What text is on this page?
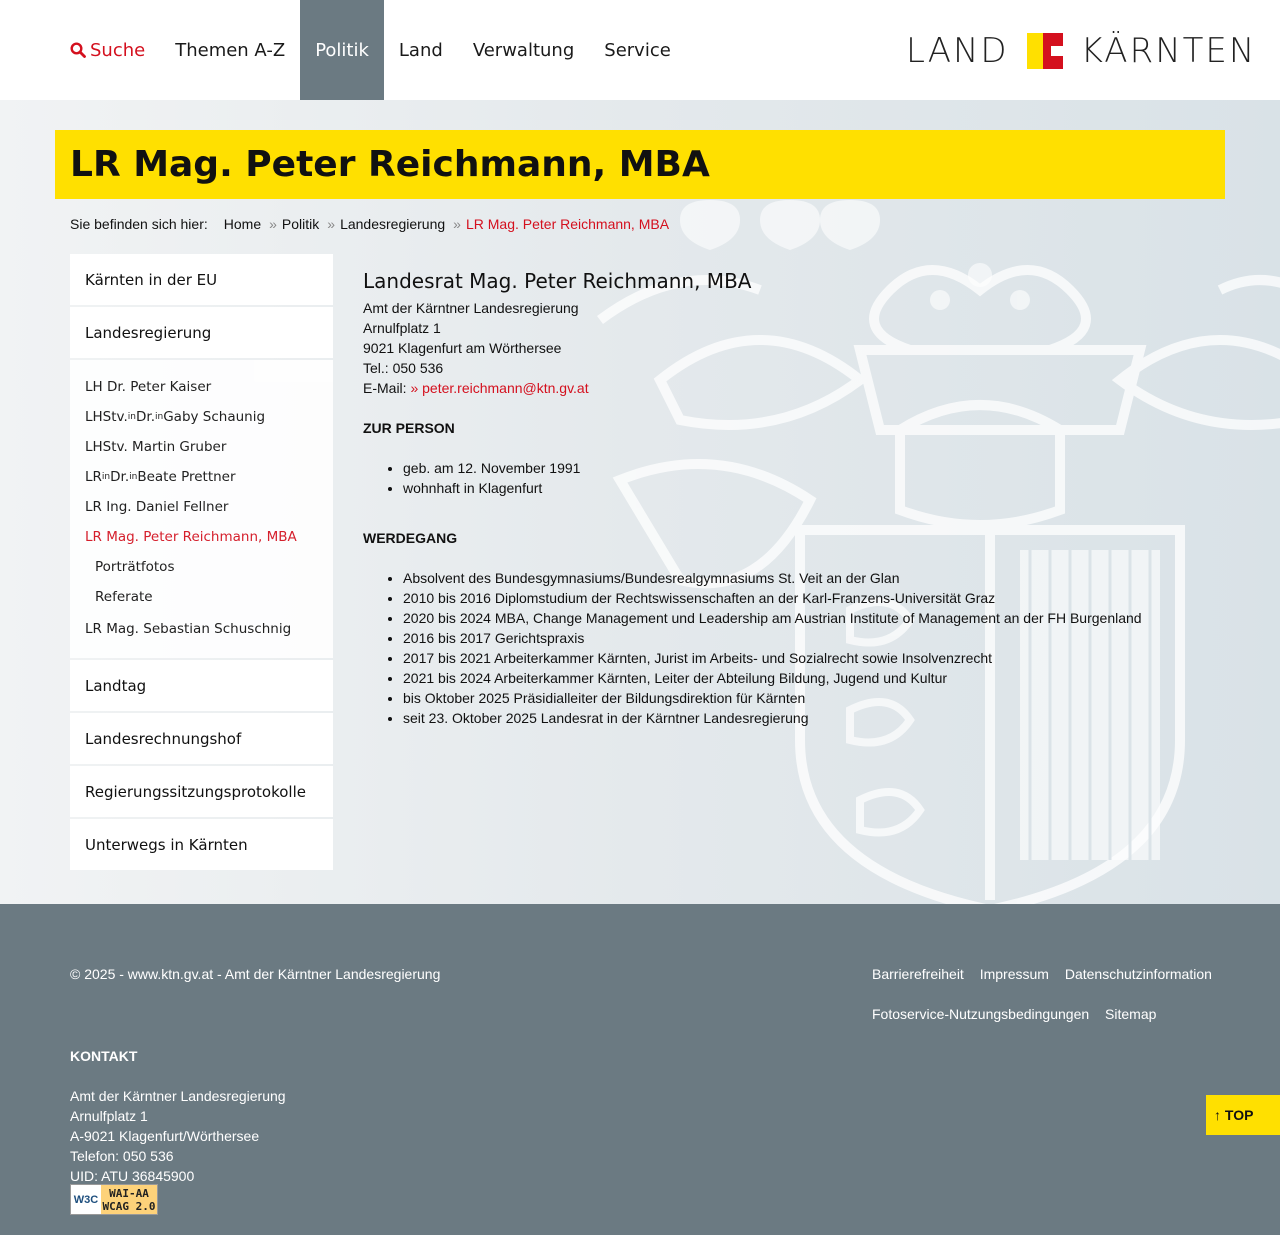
Suche	Themen A-Z	Politik	Land	Verwaltung	Service	LAND KÄRNTEN
LR Mag. Peter Reichmann, MBA
Sie befinden sich hier: Home » Politik » Landesregierung » LR Mag. Peter Reichmann, MBA
Kärnten in der EU
Landesregierung
LH Dr. Peter Kaiser
LHStv. in Dr. in Gaby Schaunig
LHStv. Martin Gruber
LR in Dr. in Beate Prettner
LR Ing. Daniel Fellner
LR Mag. Peter Reichmann, MBA
Porträtfotos
Referate
LR Mag. Sebastian Schuschnig
Landtag
Landesrechnungshof
Regierungssitzungsprotokolle
Unterwegs in Kärnten
Landesrat Mag. Peter Reichmann, MBA
Amt der Kärntner Landesregierung
Arnulfplatz 1
9021 Klagenfurt am Wörthersee
Tel.: 050 536
E-Mail: » peter.reichmann@ktn.gv.at
ZUR PERSON
• geb. am 12. November 1991
• wohnhaft in Klagenfurt
WERDEGANG
• Absolvent des Bundesgymnasiums/Bundesrealgymnasiums St. Veit an der Glan
• 2010 bis 2016 Diplomstudium der Rechtswissenschaften an der Karl-Franzens-Universität Graz
• 2020 bis 2024 MBA, Change Management und Leadership am Austrian Institute of Management an der FH Burgenland
• 2016 bis 2017 Gerichtspraxis
• 2017 bis 2021 Arbeiterkammer Kärnten, Jurist im Arbeits- und Sozialrecht sowie Insolvenzrecht
• 2021 bis 2024 Arbeiterkammer Kärnten, Leiter der Abteilung Bildung, Jugend und Kultur
• bis Oktober 2025 Präsidialleiter der Bildungsdirektion für Kärnten
• seit 23. Oktober 2025 Landesrat in der Kärntner Landesregierung
© 2025 - www.ktn.gv.at - Amt der Kärntner Landesregierung	Barrierefreiheit Impressum Datenschutzinformation Fotoservice-Nutzungsbedingungen Sitemap
KONTAKT
Amt der Kärntner Landesregierung
Arnulfplatz 1
A-9021 Klagenfurt/Wörthersee
Telefon: 050 536
UID: ATU 36845900
W3C WAI-AA
WCAG 2.0
↑ TOP
